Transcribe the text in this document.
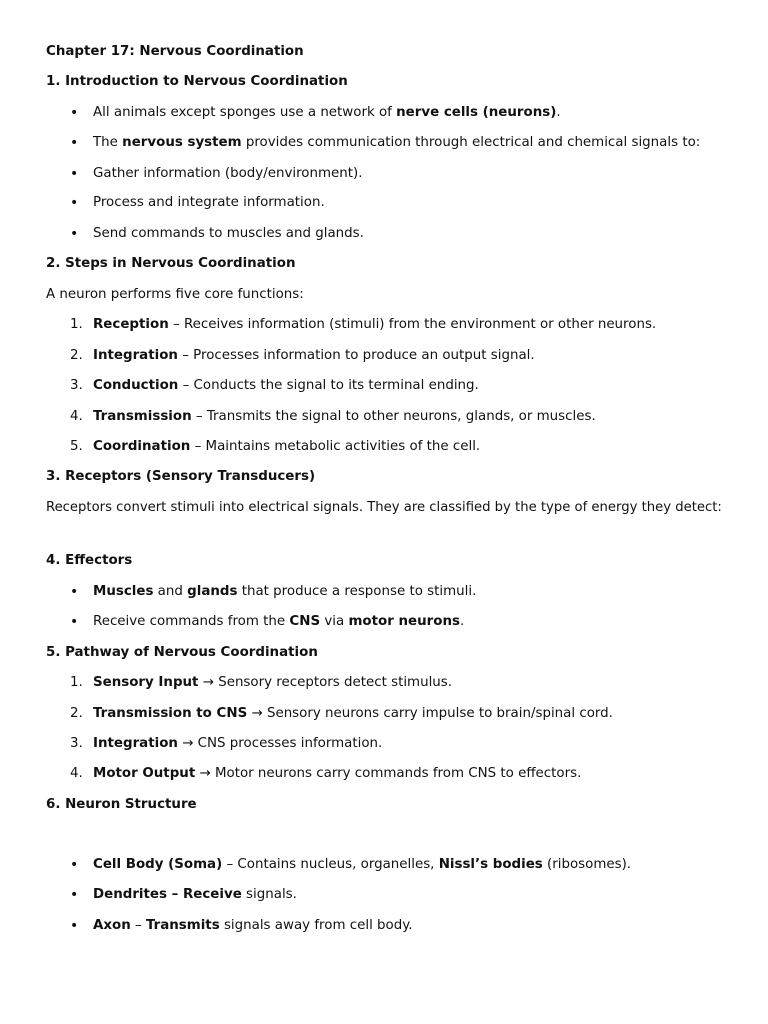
Chapter 17: Nervous Coordination
1. Introduction to Nervous Coordination
• All animals except sponges use a network of nerve cells (neurons).
• The nervous system provides communication through electrical and chemical signals to:
• Gather information (body/environment).
• Process and integrate information.
• Send commands to muscles and glands.
2. Steps in Nervous Coordination
A neuron performs five core functions:
1. Reception – Receives information (stimuli) from the environment or other neurons.
2. Integration – Processes information to produce an output signal.
3. Conduction – Conducts the signal to its terminal ending.
4. Transmission – Transmits the signal to other neurons, glands, or muscles.
5. Coordination – Maintains metabolic activities of the cell.
3. Receptors (Sensory Transducers)
Receptors convert stimuli into electrical signals. They are classified by the type of energy they detect:
4. Effectors
• Muscles and glands that produce a response to stimuli.
• Receive commands from the CNS via motor neurons.
5. Pathway of Nervous Coordination
1. Sensory Input → Sensory receptors detect stimulus.
2. Transmission to CNS → Sensory neurons carry impulse to brain/spinal cord.
3. Integration → CNS processes information.
4. Motor Output → Motor neurons carry commands from CNS to effectors.
6. Neuron Structure
• Cell Body (Soma) – Contains nucleus, organelles, Nissl’s bodies (ribosomes).
• Dendrites – Receive signals.
• Axon – Transmits signals away from cell body.
